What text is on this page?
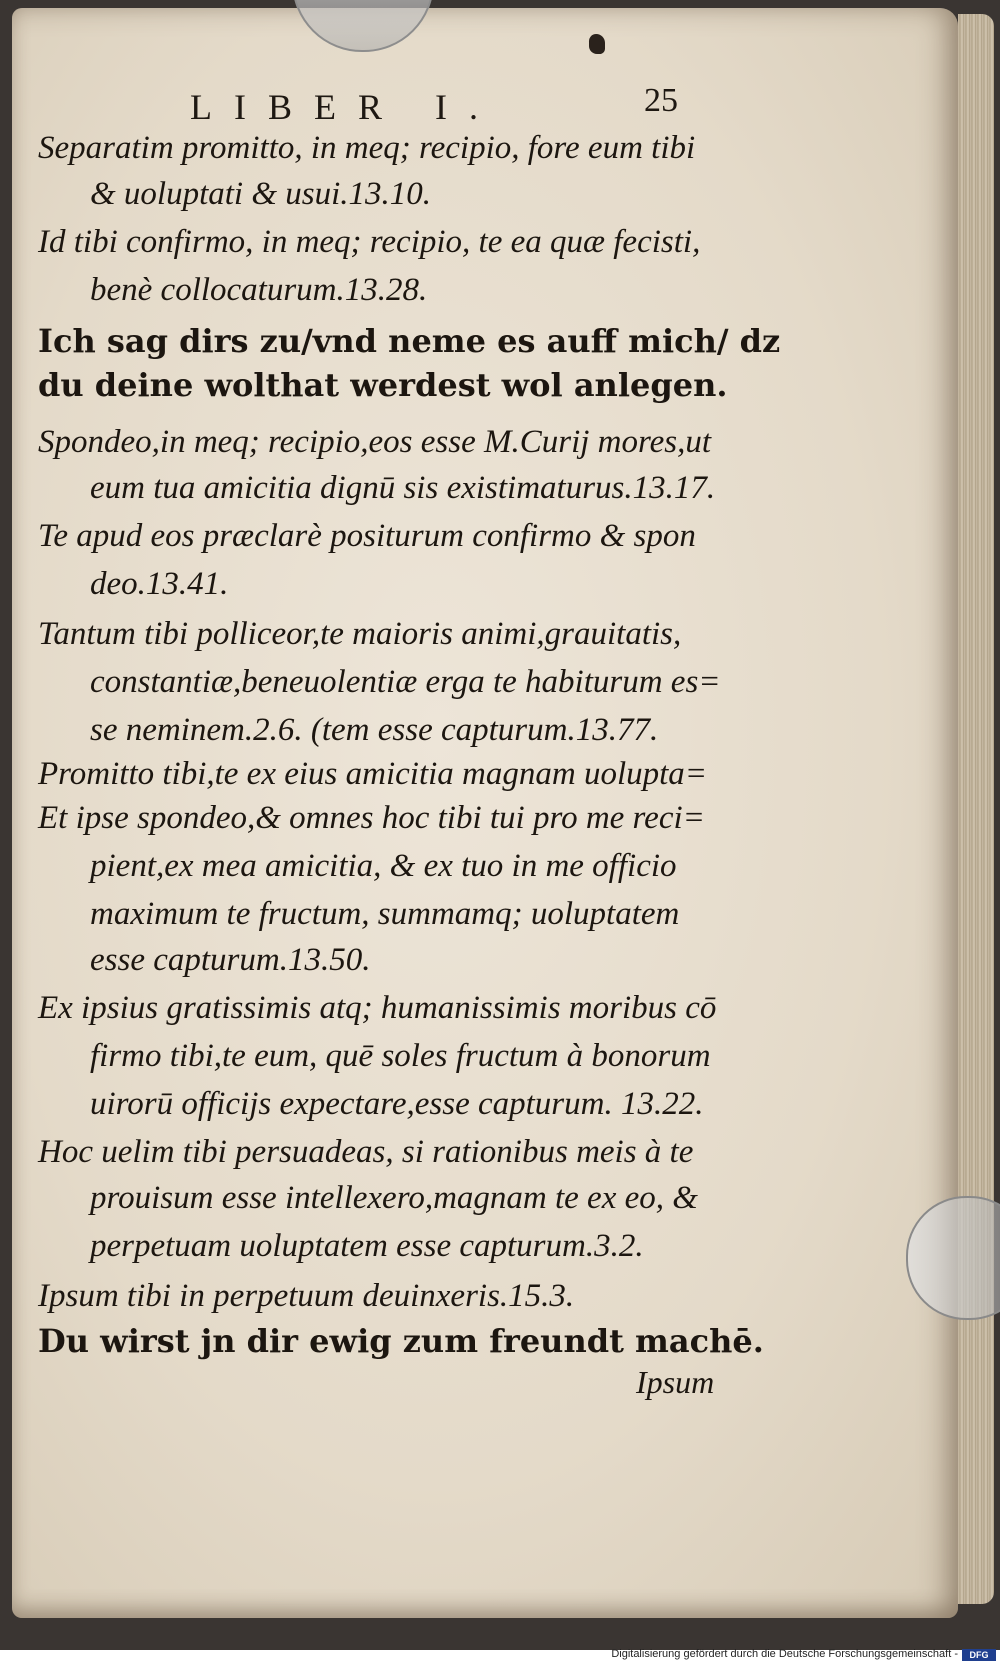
LIBER I.	25
Separatim promitto, in meq; recipio, fore eum tibi
& uoluptati & usui.13.10.
Id tibi confirmo, in meq; recipio, te ea quæ fecisti,
benè collocaturum.13.28.
Ich sag dirs zu/vnd neme es auff mich/ dz
du deine wolthat werdest wol anlegen.
Spondeo,in meq; recipio,eos esse M.Curij mores,ut
eum tua amicitia dignū sis existimaturus.13.17.
Te apud eos præclarè positurum confirmo & spon
deo.13.41.
Tantum tibi polliceor,te maioris animi,grauitatis,
constantiæ,beneuolentiæ erga te habiturum es=
se neminem.2.6. (tem esse capturum.13.77.
Promitto tibi,te ex eius amicitia magnam uolupta=
Et ipse spondeo,& omnes hoc tibi tui pro me reci=
pient,ex mea amicitia, & ex tuo in me officio
maximum te fructum, summamq; uoluptatem
esse capturum.13.50.
Ex ipsius gratissimis atq; humanissimis moribus cō
firmo tibi,te eum, quē soles fructum à bonorum
uirorū officijs expectare,esse capturum. 13.22.
Hoc uelim tibi persuadeas, si rationibus meis à te
prouisum esse intellexero,magnam te ex eo, &
perpetuam uoluptatem esse capturum.3.2.
Ipsum tibi in perpetuum deuinxeris.15.3.
Du wirst jn dir ewig zum freundt machē.
Ipsum
Digitalisierung gefördert durch die Deutsche Forschungsgemeinschaft -	DFG
